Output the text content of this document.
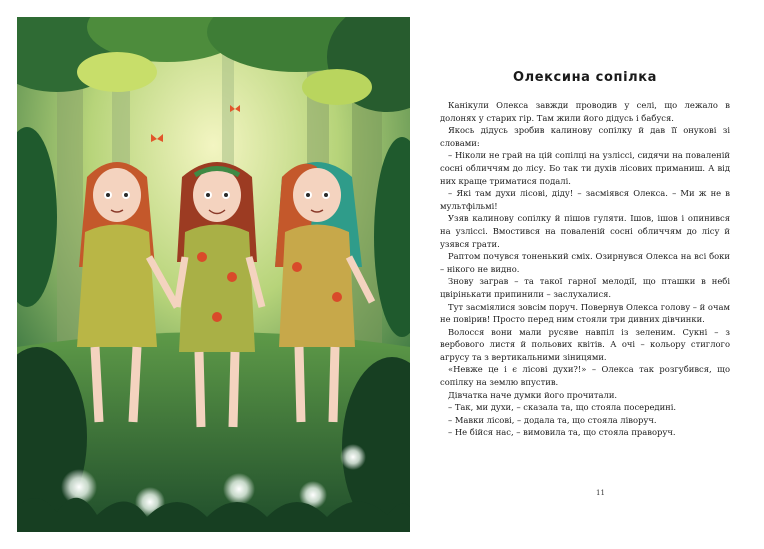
Олексина сопілка

Канікули Олекса завжди проводив у селі, що лежало в долонях у старих гір. Там жили його дідусь і бабуся.

Якось дідусь зробив калинову сопілку й дав її онукові зі словами:

– Ніколи не грай на цій сопілці на узліссі, сидячи на поваленій сосні обличчям до лісу. Бо так ти духів лісових приманиш. А від них краще триматися подалі.

– Які там духи лісові, діду! – засміявся Олекса. – Ми ж не в мультфільмі!

Узяв калинову сопілку й пішов гуляти. Ішов, ішов і опинився на узліссі. Вмостився на поваленій сосні обличчям до лісу й узявся грати.

Раптом почувся тоненький сміх. Озирнувся Олекса на всі боки – нікого не видно.

Знову заграв – та такої гарної мелодії, що пташки в небі цвірінькати припинили – заслухалися.

Тут засміялися зовсім поруч. Повернув Олекса голову – й очам не повірив! Просто перед ним стояли три дивних дівчинки.

Волосся вони мали русяве навпіл із зеленим. Сукні – з вербового листя й польових квітів. А очі – кольору стиглого агрусу та з вертикальними зіницями.

«Невже це і є лісові духи?!» – Олекса так розгубився, що сопілку на землю впустив.

Дівчатка наче думки його прочитали.

– Так, ми духи, – сказала та, що стояла посередині.

– Мавки лісові, – додала та, що стояла ліворуч.

– Не бійся нас, – вимовила та, що стояла праворуч.

11
